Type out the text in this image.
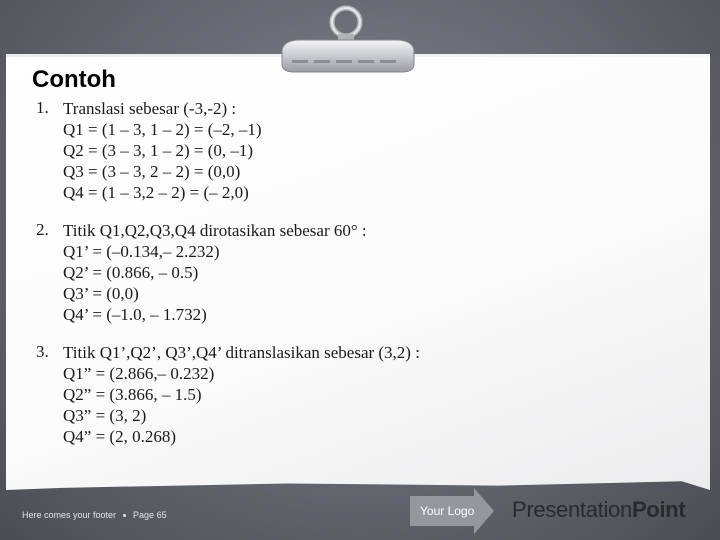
Contoh
1. Translasi sebesar (-3,-2) :
Q1 = (1 – 3, 1 – 2) = (–2, –1)
Q2 = (3 – 3, 1 – 2) = (0, –1)
Q3 = (3 – 3, 2 – 2) = (0,0)
Q4 = (1 – 3,2 – 2) = (– 2,0)
2. Titik Q1,Q2,Q3,Q4 dirotasikan sebesar 60° :
Q1’ = (–0.134,– 2.232)
Q2’ = (0.866, – 0.5)
Q3’ = (0,0)
Q4’ = (–1.0, – 1.732)
3. Titik Q1’,Q2’, Q3’,Q4’ ditranslasikan sebesar (3,2) :
Q1” = (2.866,– 0.232)
Q2” = (3.866, – 1.5)
Q3” = (3, 2)
Q4” = (2, 0.268)
Here comes your footer Page 65	Your Logo PresentationPoint
